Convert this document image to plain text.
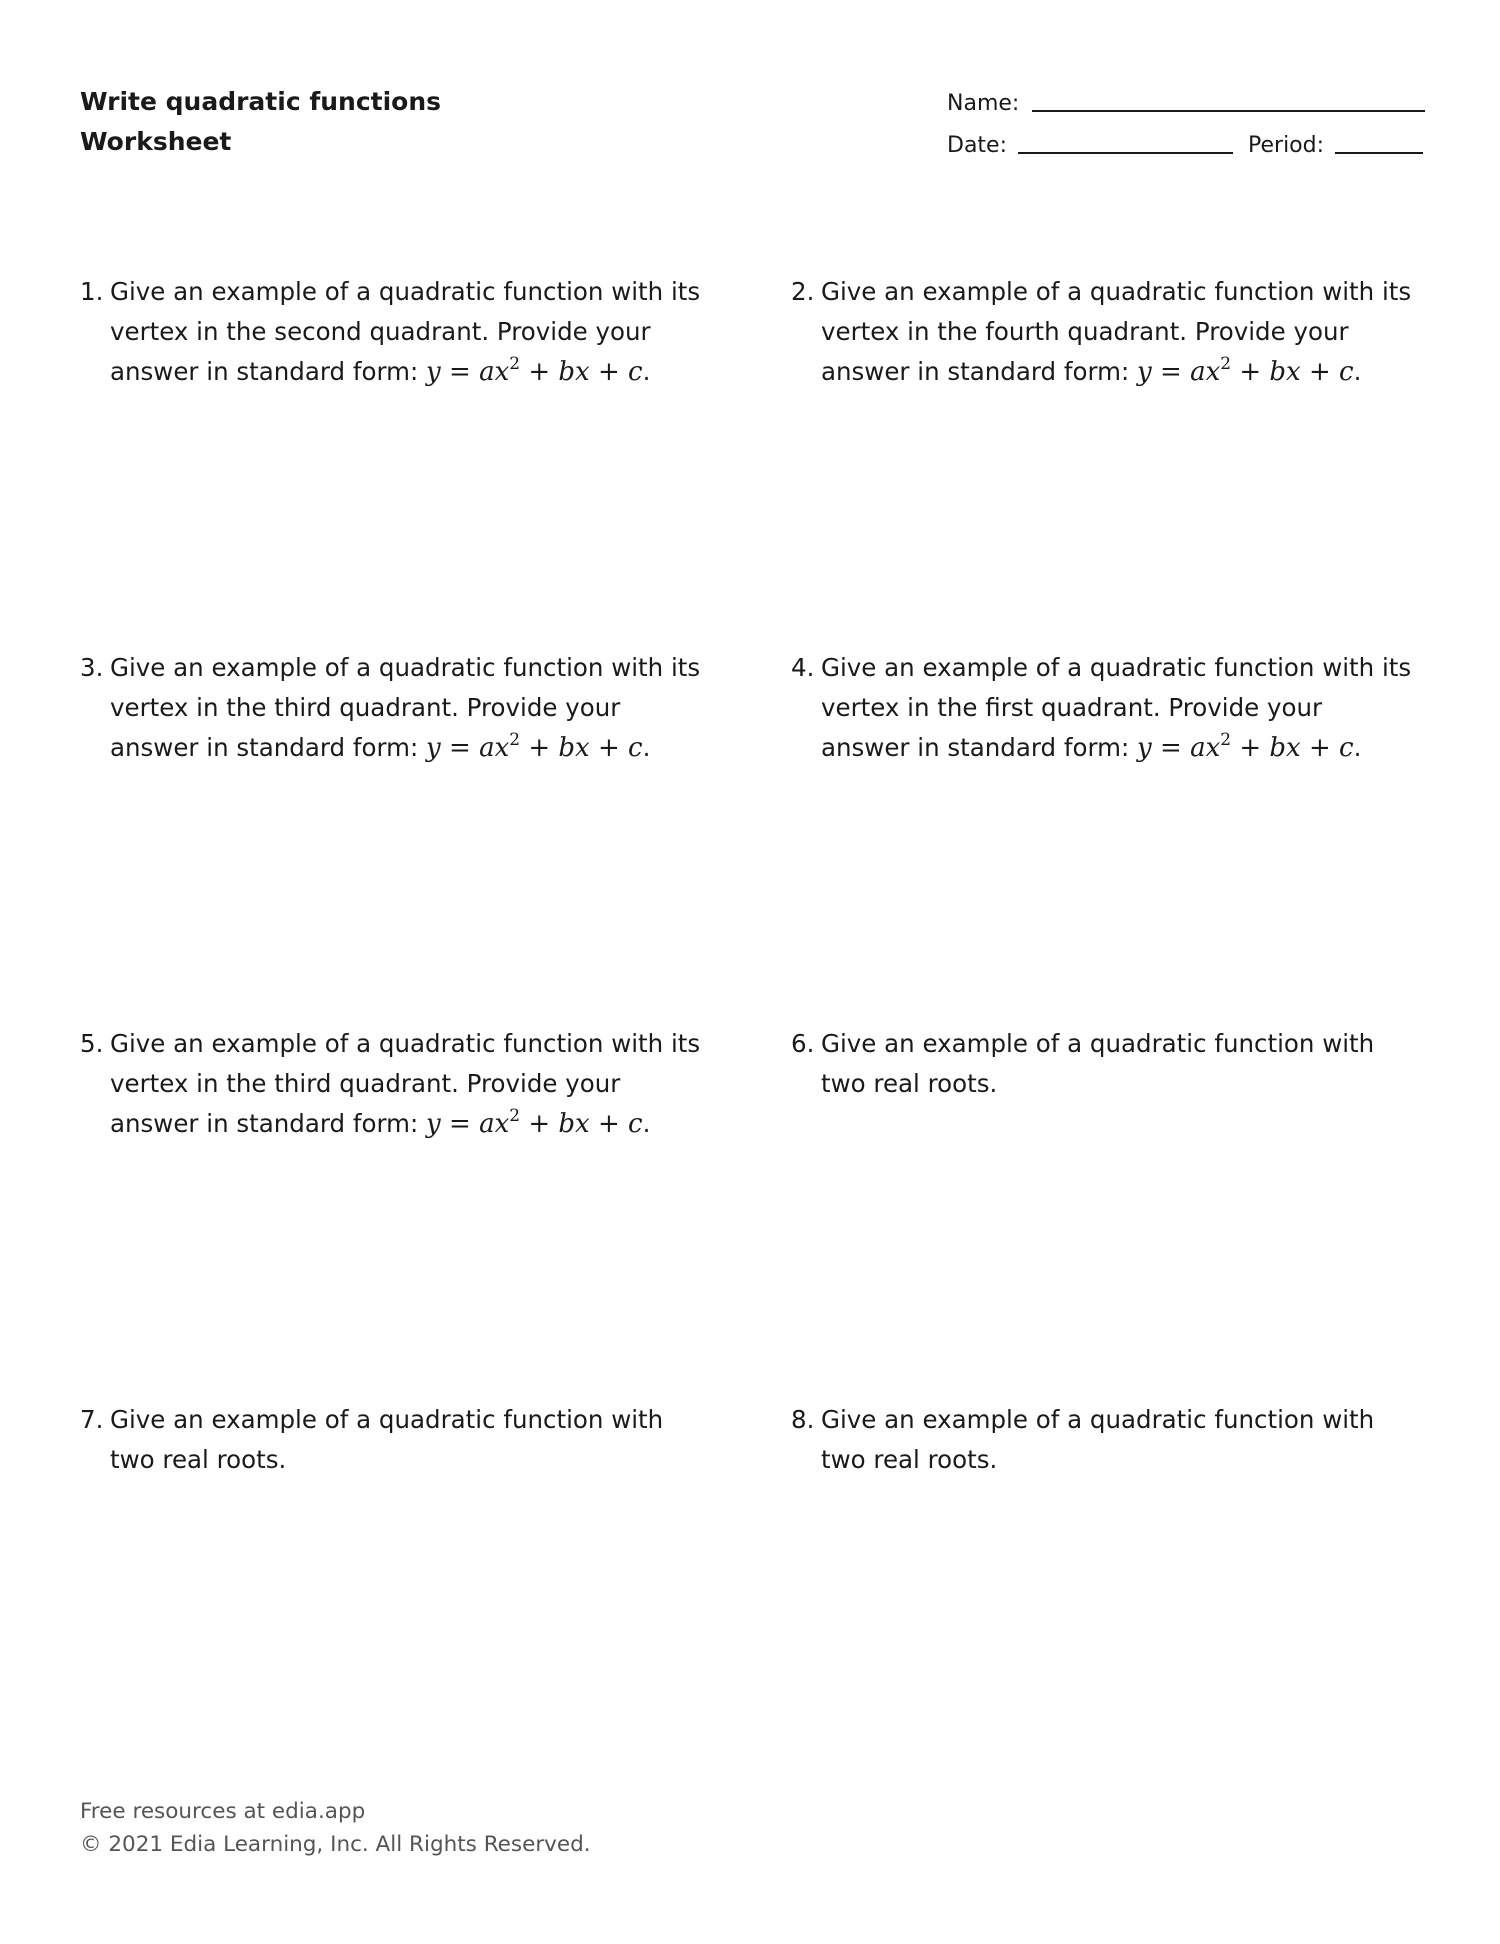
Write quadratic functions
Worksheet
Name:
Date:	Period:
1. Give an example of a quadratic function with its vertex in the second quadrant. Provide your answer in standard form: $y = ax^2$ + bx + c.
2. Give an example of a quadratic function with its vertex in the fourth quadrant. Provide your answer in standard form: $y = ax^2$ + bx + c.
3. Give an example of a quadratic function with its vertex in the third quadrant. Provide your answer in standard form: $y = ax^2$ + bx + c.
4. Give an example of a quadratic function with its vertex in the first quadrant. Provide your answer in standard form: $y = ax^2$ + bx + c.
5. Give an example of a quadratic function with its vertex in the third quadrant. Provide your answer in standard form: $y = ax^2$ + bx + c.
6. Give an example of a quadratic function with two real roots.
7. Give an example of a quadratic function with two real roots.
8. Give an example of a quadratic function with two real roots.
Free resources at edia.app
© 2021 Edia Learning, Inc. All Rights Reserved.
